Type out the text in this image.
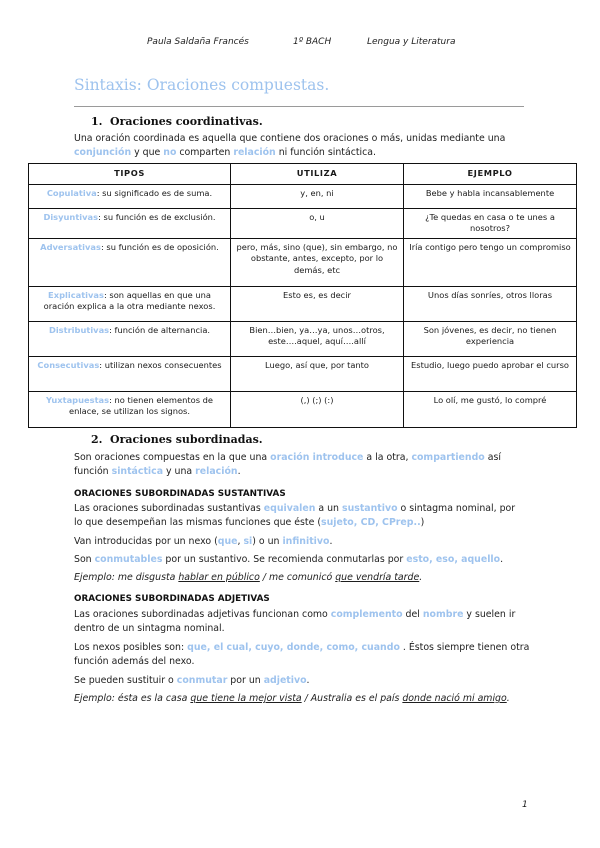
Paula Saldaña Francés	1º BACH	Lengua y Literatura
Sintaxis: Oraciones compuestas.
1. Oraciones coordinativas.
Una oración coordinada es aquella que contiene dos oraciones o más, unidas mediante una
conjunción y que no comparten relación ni función sintáctica.
TIPOS	UTILIZA	EJEMPLO
Copulativa: su significado es de suma.	y, en, ni	Bebe y habla incansablemente
Disyuntivas: su función es de exclusión.	o, u	¿Te quedas en casa o te unes a nosotros?
Adversativas: su función es de oposición.	pero, más, sino (que), sin embargo, no obstante, antes, excepto, por lo demás, etc	Iría contigo pero tengo un compromiso
Explicativas: son aquellas en que una oración explica a la otra mediante nexos.	Esto es, es decir	Unos días sonríes, otros lloras
Distributivas: función de alternancia.	Bien…bien, ya…ya, unos…otros, este….aquel, aquí….allí	Son jóvenes, es decir, no tienen experiencia
Consecutivas: utilizan nexos consecuentes	Luego, así que, por tanto	Estudio, luego puedo aprobar el curso
Yuxtapuestas: no tienen elementos de enlace, se utilizan los signos.	(,) (;) (:)	Lo olí, me gustó, lo compré
2. Oraciones subordinadas.
Son oraciones compuestas en la que una oración introduce a la otra, compartiendo así
función sintáctica y una relación.
ORACIONES SUBORDINADAS SUSTANTIVAS
Las oraciones subordinadas sustantivas equivalen a un sustantivo o sintagma nominal, por
lo que desempeñan las mismas funciones que éste (sujeto, CD, CPrep..)
Van introducidas por un nexo (que, si) o un infinitivo.
Son conmutables por un sustantivo. Se recomienda conmutarlas por esto, eso, aquello.
Ejemplo: me disgusta hablar en público / me comunicó que vendría tarde.
ORACIONES SUBORDINADAS ADJETIVAS
Las oraciones subordinadas adjetivas funcionan como complemento del nombre y suelen ir
dentro de un sintagma nominal.
Los nexos posibles son: que, el cual, cuyo, donde, como, cuando . Éstos siempre tienen otra
función además del nexo.
Se pueden sustituir o conmutar por un adjetivo.
Ejemplo: ésta es la casa que tiene la mejor vista / Australia es el país donde nació mi amigo.
1
